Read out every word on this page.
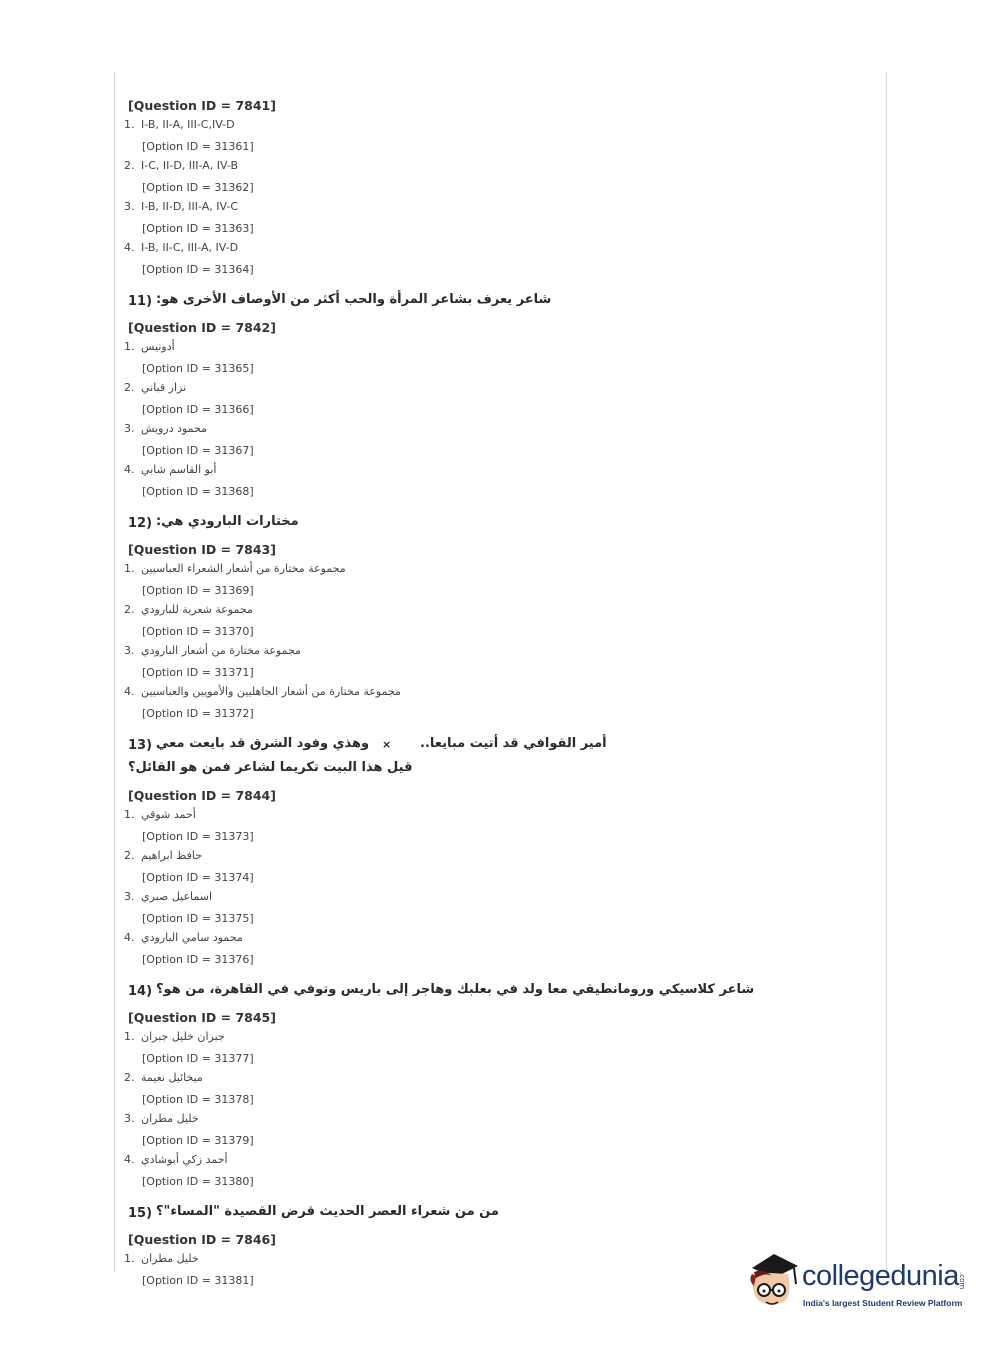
[Question ID = 7841]
1. I-B, II-A, III-C,IV-D
[Option ID = 31361]
2. I-C, II-D, III-A, IV-B
[Option ID = 31362]
3. I-B, II-D, III-A, IV-C
[Option ID = 31363]
4. I-B, II-C, III-A, IV-D
[Option ID = 31364]
11) شاعر يعرف بشاعر المرأة والحب أكثر من الأوصاف الأخرى هو:
[Question ID = 7842]
1. أدونيس
[Option ID = 31365]
2. نزار قباني
[Option ID = 31366]
3. محمود درويش
[Option ID = 31367]
4. أبو القاسم شابي
[Option ID = 31368]
12) مختارات البارودي هي:
[Question ID = 7843]
1. مجموعة مختارة من أشعار الشعراء العباسيين
[Option ID = 31369]
2. مجموعة شعرية للبارودي
[Option ID = 31370]
3. مجموعة مختارة من أشعار البارودي
[Option ID = 31371]
4. مجموعة مختارة من أشعار الجاهليين والأمويين والعباسيين
[Option ID = 31372]
13) وهذي وفود الشرق قد بايعت معي × أمير القوافي قد أتيت مبايعا..
قيل هذا البيت تكريما لشاعر فمن هو القائل؟
[Question ID = 7844]
1. أحمد شوقي
[Option ID = 31373]
2. حافظ ابراهيم
[Option ID = 31374]
3. اسماعيل صبري
[Option ID = 31375]
4. محمود سامي البارودي
[Option ID = 31376]
14) شاعر كلاسيكي ورومانطيقي معا ولد في بعلبك وهاجر إلى باريس وتوفي في القاهرة، من هو؟
[Question ID = 7845]
1. جبران خليل جبران
[Option ID = 31377]
2. ميخائيل نعيمة
[Option ID = 31378]
3. خليل مطران
[Option ID = 31379]
4. أحمد زكي أبوشادي
[Option ID = 31380]
15) من من شعراء العصر الحديث قرض القصيدة "المساء"؟
[Question ID = 7846]
1. خليل مطران
[Option ID = 31381]	collegedunia .com
India's largest Student Review Platform
